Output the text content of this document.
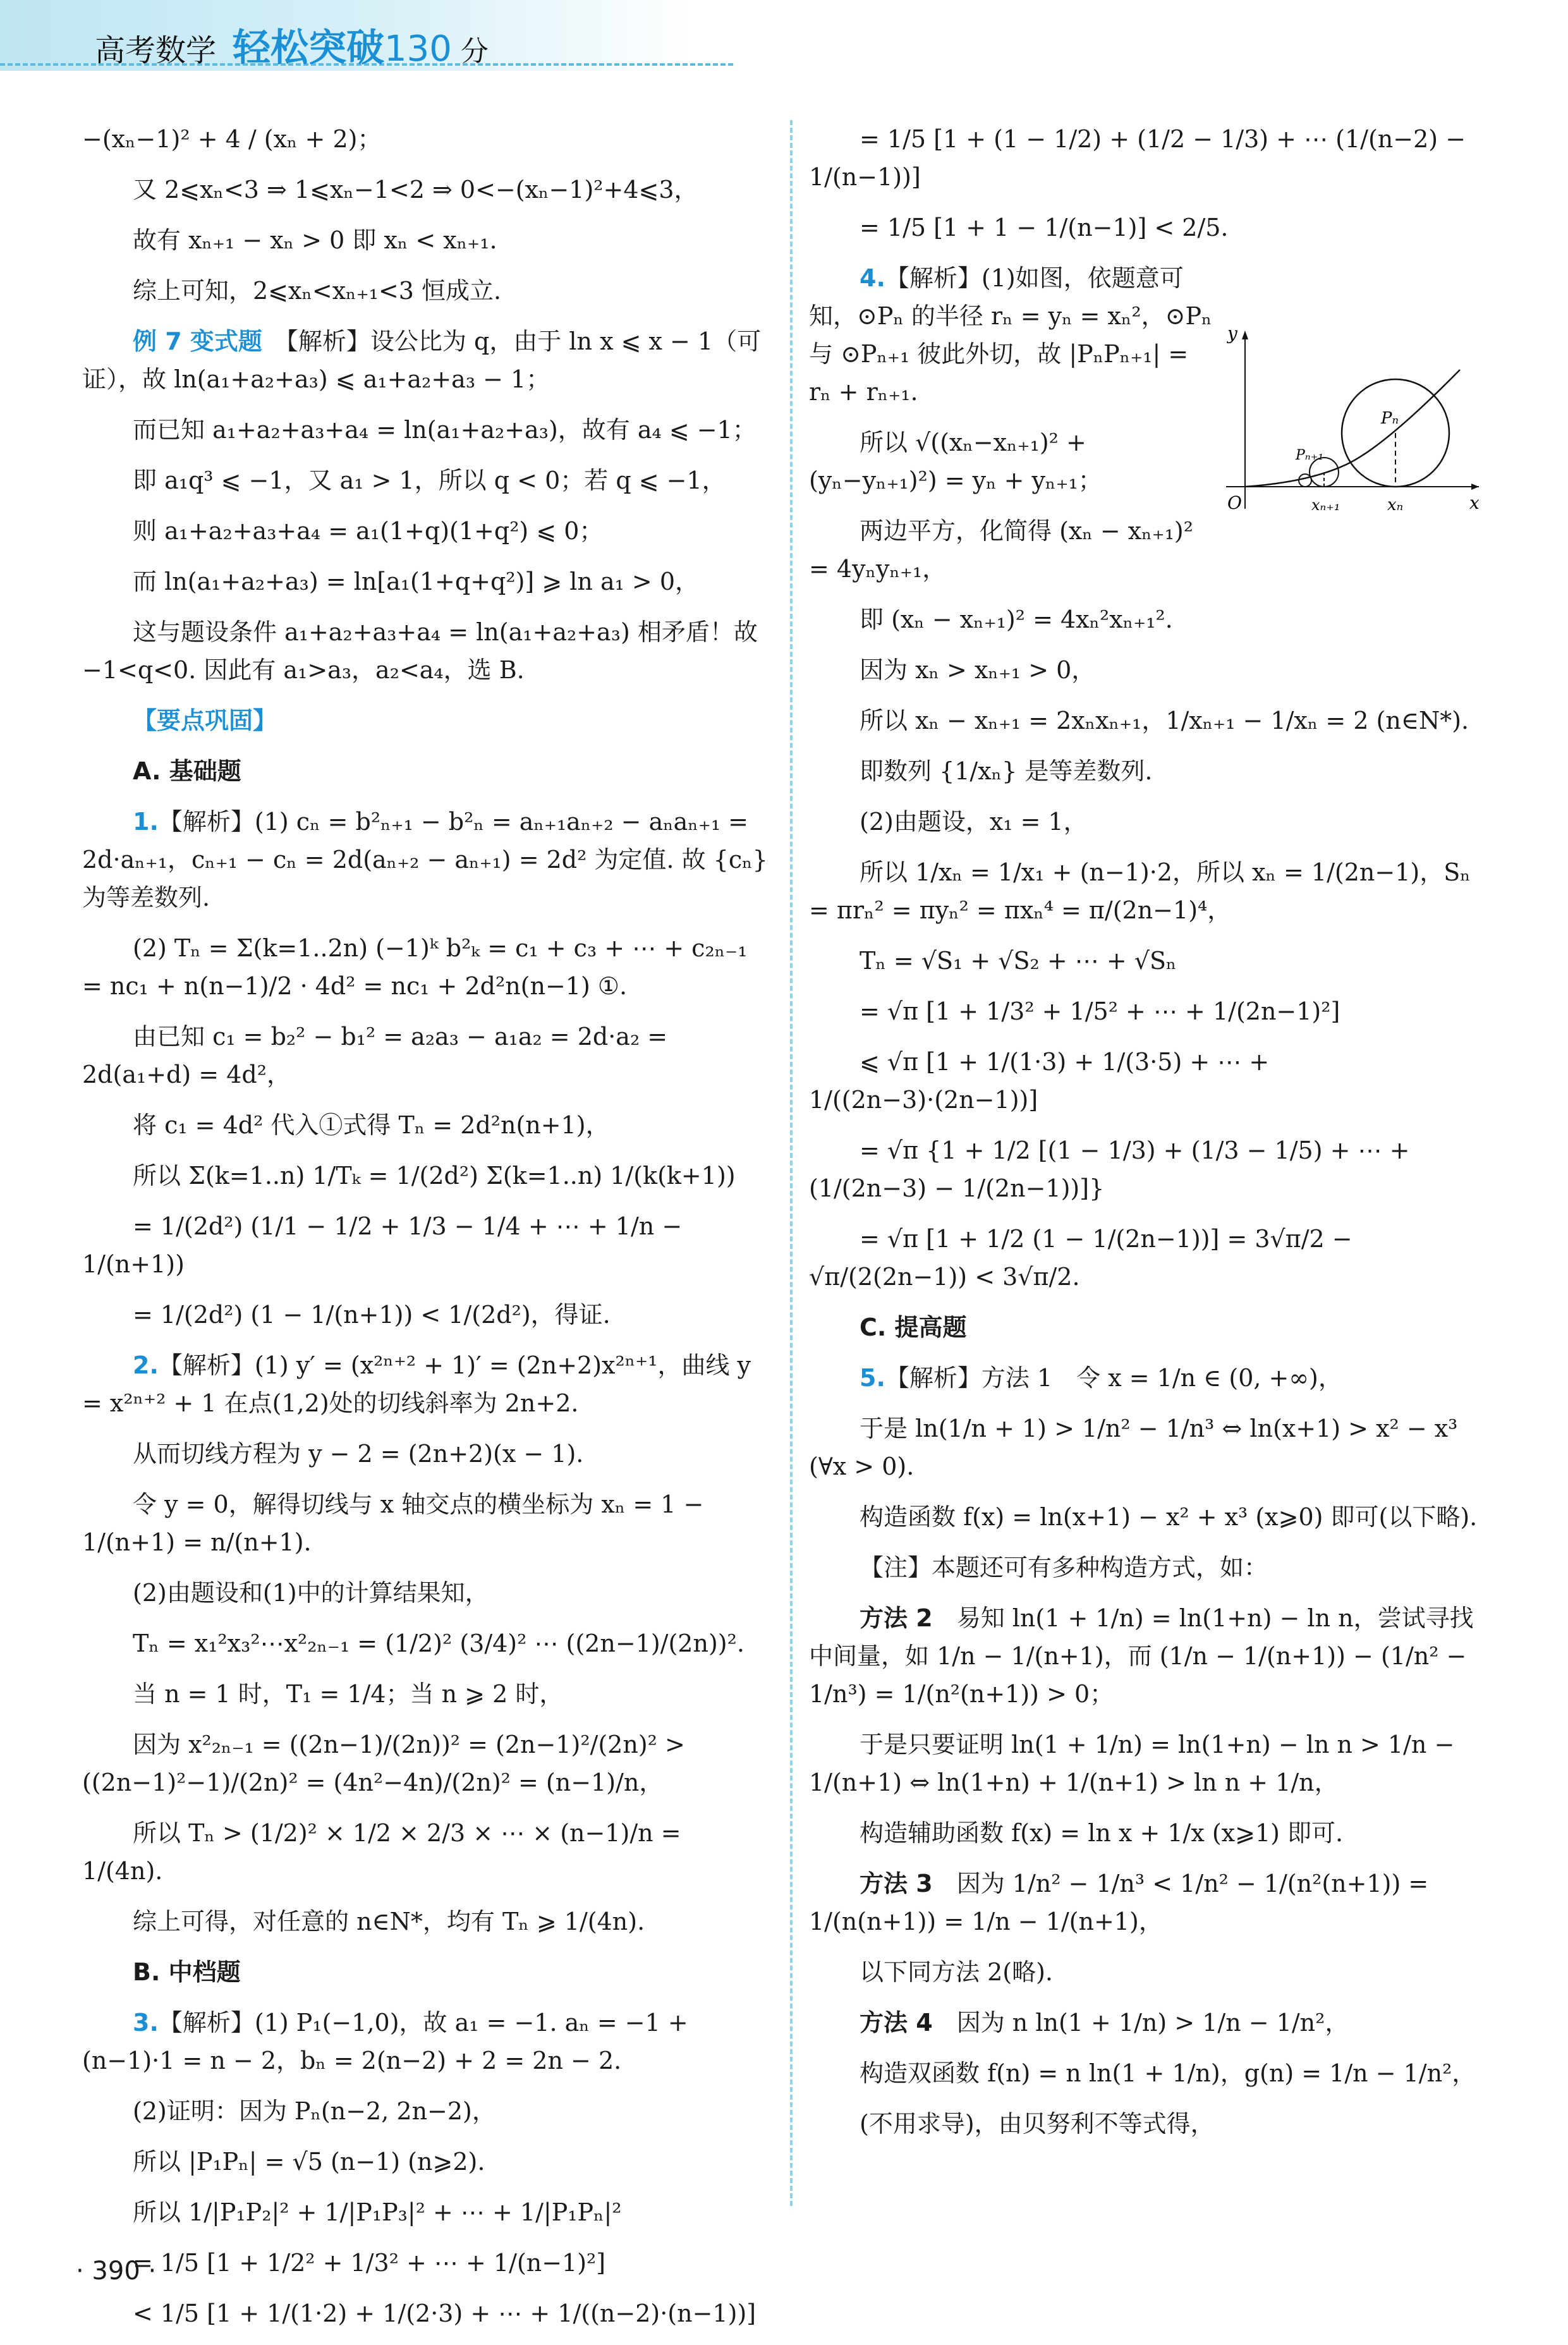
高考数学 轻松突破130 分

−(xₙ−1)² + 4 / (xₙ + 2)；

又 2⩽xₙ<3 ⇒ 1⩽xₙ−1<2 ⇒ 0<−(xₙ−1)²+4⩽3，

故有 xₙ₊₁ − xₙ > 0 即 xₙ < xₙ₊₁.

综上可知，2⩽xₙ<xₙ₊₁<3 恒成立.

例 7 变式题　 【解析】设公比为 q，由于 ln x ⩽ x − 1（可证），故 ln(a₁+a₂+a₃) ⩽ a₁+a₂+a₃ − 1；

而已知 a₁+a₂+a₃+a₄ = ln(a₁+a₂+a₃)，故有 a₄ ⩽ −1；

即 a₁q³ ⩽ −1，又 a₁ > 1，所以 q < 0；若 q ⩽ −1，

则 a₁+a₂+a₃+a₄ = a₁(1+q)(1+q²) ⩽ 0；

而 ln(a₁+a₂+a₃) = ln[a₁(1+q+q²)] ⩾ ln a₁ > 0，

这与题设条件 a₁+a₂+a₃+a₄ = ln(a₁+a₂+a₃) 相矛盾！故 −1<q<0. 因此有 a₁>a₃，a₂<a₄，选 B.

【要点巩固】

A. 基础题

1.【解析】(1) cₙ = b²ₙ₊₁ − b²ₙ = aₙ₊₁aₙ₊₂ − aₙaₙ₊₁ = 2d·aₙ₊₁，cₙ₊₁ − cₙ = 2d(aₙ₊₂ − aₙ₊₁) = 2d² 为定值. 故 {cₙ} 为等差数列.

(2) Tₙ = Σ(k=1..2n) (−1)ᵏ b²ₖ = c₁ + c₃ + ⋯ + c₂ₙ₋₁ = nc₁ + n(n−1)/2 · 4d² = nc₁ + 2d²n(n−1) ①.

由已知 c₁ = b₂² − b₁² = a₂a₃ − a₁a₂ = 2d·a₂ = 2d(a₁+d) = 4d²，

将 c₁ = 4d² 代入①式得 Tₙ = 2d²n(n+1)，

所以 Σ(k=1..n) 1/Tₖ = 1/(2d²) Σ(k=1..n) 1/(k(k+1))

= 1/(2d²) (1/1 − 1/2 + 1/3 − 1/4 + ⋯ + 1/n − 1/(n+1))

= 1/(2d²) (1 − 1/(n+1)) < 1/(2d²)，得证.

2.【解析】(1) y′ = (x²ⁿ⁺² + 1)′ = (2n+2)x²ⁿ⁺¹，曲线 y = x²ⁿ⁺² + 1 在点(1,2)处的切线斜率为 2n+2.

从而切线方程为 y − 2 = (2n+2)(x − 1).

令 y = 0，解得切线与 x 轴交点的横坐标为 xₙ = 1 − 1/(n+1) = n/(n+1).

(2)由题设和(1)中的计算结果知，

Tₙ = x₁²x₃²⋯x²₂ₙ₋₁ = (1/2)² (3/4)² ⋯ ((2n−1)/(2n))².

当 n = 1 时，T₁ = 1/4；当 n ⩾ 2 时，

因为 x²₂ₙ₋₁ = ((2n−1)/(2n))² = (2n−1)²/(2n)² > ((2n−1)²−1)/(2n)² = (4n²−4n)/(2n)² = (n−1)/n，

所以 Tₙ > (1/2)² × 1/2 × 2/3 × ⋯ × (n−1)/n = 1/(4n).

综上可得，对任意的 n∈N*，均有 Tₙ ⩾ 1/(4n).

B. 中档题

3.【解析】(1) P₁(−1,0)，故 a₁ = −1. aₙ = −1 + (n−1)·1 = n − 2，bₙ = 2(n−2) + 2 = 2n − 2.

(2)证明：因为 Pₙ(n−2, 2n−2)，

所以 |P₁Pₙ| = √5 (n−1) (n⩾2).

所以 1/|P₁P₂|² + 1/|P₁P₃|² + ⋯ + 1/|P₁Pₙ|²

= 1/5 [1 + 1/2² + 1/3² + ⋯ + 1/(n−1)²]

< 1/5 [1 + 1/(1·2) + 1/(2·3) + ⋯ + 1/((n−2)·(n−1))]

= 1/5 [1 + (1 − 1/2) + (1/2 − 1/3) + ⋯ (1/(n−2) − 1/(n−1))]

= 1/5 [1 + 1 − 1/(n−1)] < 2/5.

4.【解析】(1)如图，依题意可知，⊙Pₙ 的半径 rₙ = yₙ = xₙ²，⊙Pₙ 与 ⊙Pₙ₊₁ 彼此外切，故 |PₙPₙ₊₁| = rₙ + rₙ₊₁.

所以 √((xₙ−xₙ₊₁)² + (yₙ−yₙ₊₁)²) = yₙ + yₙ₊₁；

两边平方，化简得 (xₙ − xₙ₊₁)² = 4yₙyₙ₊₁，

即 (xₙ − xₙ₊₁)² = 4xₙ²xₙ₊₁².

因为 xₙ > xₙ₊₁ > 0，

所以 xₙ − xₙ₊₁ = 2xₙxₙ₊₁，1/xₙ₊₁ − 1/xₙ = 2 (n∈N*).

即数列 {1/xₙ} 是等差数列.

(2)由题设，x₁ = 1，

所以 1/xₙ = 1/x₁ + (n−1)·2，所以 xₙ = 1/(2n−1)，Sₙ = πrₙ² = πyₙ² = πxₙ⁴ = π/(2n−1)⁴，

Tₙ = √S₁ + √S₂ + ⋯ + √Sₙ

= √π [1 + 1/3² + 1/5² + ⋯ + 1/(2n−1)²]

⩽ √π [1 + 1/(1·3) + 1/(3·5) + ⋯ + 1/((2n−3)·(2n−1))]

= √π {1 + 1/2 [(1 − 1/3) + (1/3 − 1/5) + ⋯ + (1/(2n−3) − 1/(2n−1))]}

= √π [1 + 1/2 (1 − 1/(2n−1))] = 3√π/2 − √π/(2(2n−1)) < 3√π/2.

C. 提高题

5.【解析】方法 1　令 x = 1/n ∈ (0, +∞)，

于是 ln(1/n + 1) > 1/n² − 1/n³ ⇔ ln(x+1) > x² − x³ (∀x > 0).

构造函数 f(x) = ln(x+1) − x² + x³ (x⩾0) 即可(以下略).

【注】本题还可有多种构造方式，如：

方法 2　 易知 ln(1 + 1/n) = ln(1+n) − ln n，尝试寻找中间量，如 1/n − 1/(n+1)，而 (1/n − 1/(n+1)) − (1/n² − 1/n³) = 1/(n²(n+1)) > 0；

于是只要证明 ln(1 + 1/n) = ln(1+n) − ln n > 1/n − 1/(n+1) ⇔ ln(1+n) + 1/(n+1) > ln n + 1/n，

构造辅助函数 f(x) = ln x + 1/x (x⩾1) 即可.

方法 3　 因为 1/n² − 1/n³ < 1/n² − 1/(n²(n+1)) = 1/(n(n+1)) = 1/n − 1/(n+1)，

以下同方法 2(略).

方法 4　 因为 n ln(1 + 1/n) > 1/n − 1/n²，

构造双函数 f(n) = n ln(1 + 1/n)，g(n) = 1/n − 1/n²，

(不用求导)，由贝努利不等式得，

y
x
O
Pₙ
Pₙ₊₁
xₙ
xₙ₊₁
· 390 ·
